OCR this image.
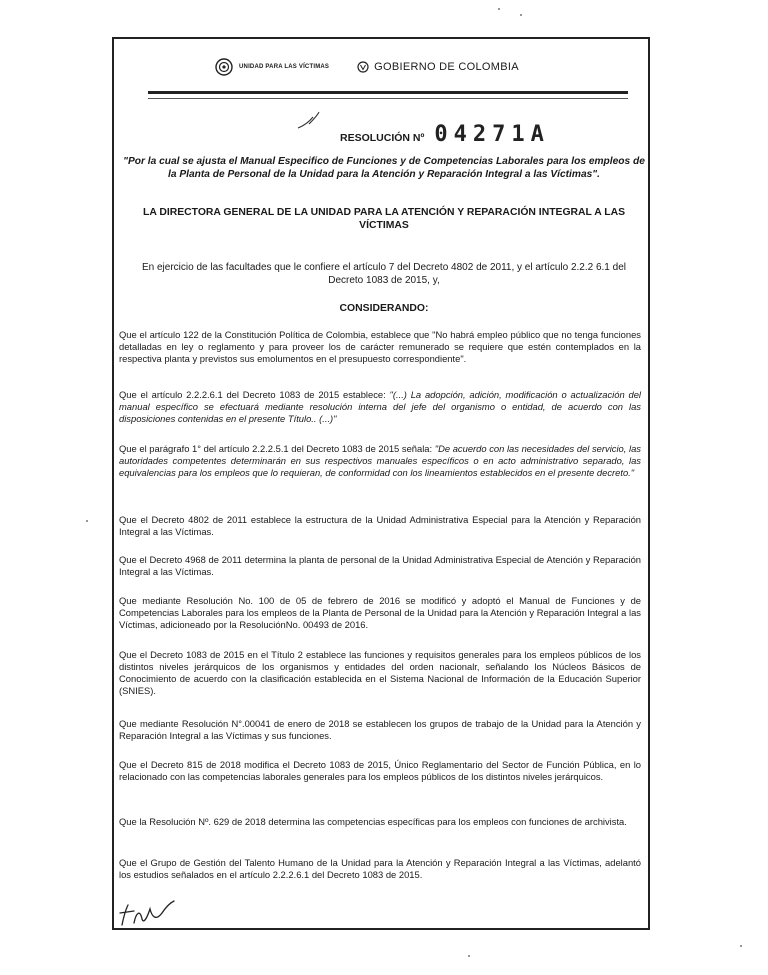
UNIDAD PARA LAS VÍCTIMAS	GOBIERNO DE COLOMBIA
RESOLUCIÓN Nº 04271A
"Por la cual se ajusta el Manual Especifico de Funciones y de Competencias Laborales para los empleos de la Planta de Personal de la Unidad para la Atención y Reparación Integral a las Víctimas".
LA DIRECTORA GENERAL DE LA UNIDAD PARA LA ATENCIÓN Y REPARACIÓN INTEGRAL A LAS VÍCTIMAS
En ejercicio de las facultades que le confiere el artículo 7 del Decreto 4802 de 2011, y el artículo 2.2.2 6.1 del Decreto 1083 de 2015, y,
CONSIDERANDO:
Que el artículo 122 de la Constitución Política de Colombia, establece que "No habrá empleo público que no tenga funciones detalladas en ley o reglamento y para proveer los de carácter remunerado se requiere que estén contemplados en la respectiva planta y previstos sus emolumentos en el presupuesto correspondiente".
Que el artículo 2.2.2.6.1 del Decreto 1083 de 2015 establece: "(...) La adopción, adición, modificación o actualización del manual específico se efectuará mediante resolución interna del jefe del organismo o entidad, de acuerdo con las disposiciones contenidas en el presente Título.. (...)"
Que el parágrafo 1° del artículo 2.2.2.5.1 del Decreto 1083 de 2015 señala: "De acuerdo con las necesidades del servicio, las autoridades competentes determinarán en sus respectivos manuales específicos o en acto administrativo separado, las equivalencias para los empleos que lo requieran, de conformidad con los lineamientos establecidos en el presente decreto."
Que el Decreto 4802 de 2011 establece la estructura de la Unidad Administrativa Especial para la Atención y Reparación Integral a las Víctimas.
Que el Decreto 4968 de 2011 determina la planta de personal de la Unidad Administrativa Especial de Atención y Reparación Integral a las Víctimas.
Que mediante Resolución No. 100 de 05 de febrero de 2016 se modificó y adoptó el Manual de Funciones y de Competencias Laborales para los empleos de la Planta de Personal de la Unidad para la Atención y Reparación Integral a las Víctimas, adicioneado por la ResoluciónNo. 00493 de 2016.
Que el Decreto 1083 de 2015 en el Título 2 establece las funciones y requisitos generales para los empleos públicos de los distintos niveles jerárquicos de los organismos y entidades del orden nacionalr, señalando los Núcleos Básicos de Conocimiento de acuerdo con la clasificación establecida en el Sistema Nacional de Información de la Educación Superior (SNIES).
Que mediante Resolución N°.00041 de enero de 2018 se establecen los grupos de trabajo de la Unidad para la Atención y Reparación Integral a las Víctimas y sus funciones.
Que el Decreto 815 de 2018 modifica el Decreto 1083 de 2015, Único Reglamentario del Sector de Función Pública, en lo relacionado con las competencias laborales generales para los empleos públicos de los distintos niveles jerárquicos.
Que la Resolución Nº. 629 de 2018 determina las competencias específicas para los empleos con funciones de archivista.
Que el Grupo de Gestión del Talento Humano de la Unidad para la Atención y Reparación Integral a las Víctimas, adelantó los estudios señalados en el artículo 2.2.2.6.1 del Decreto 1083 de 2015.
